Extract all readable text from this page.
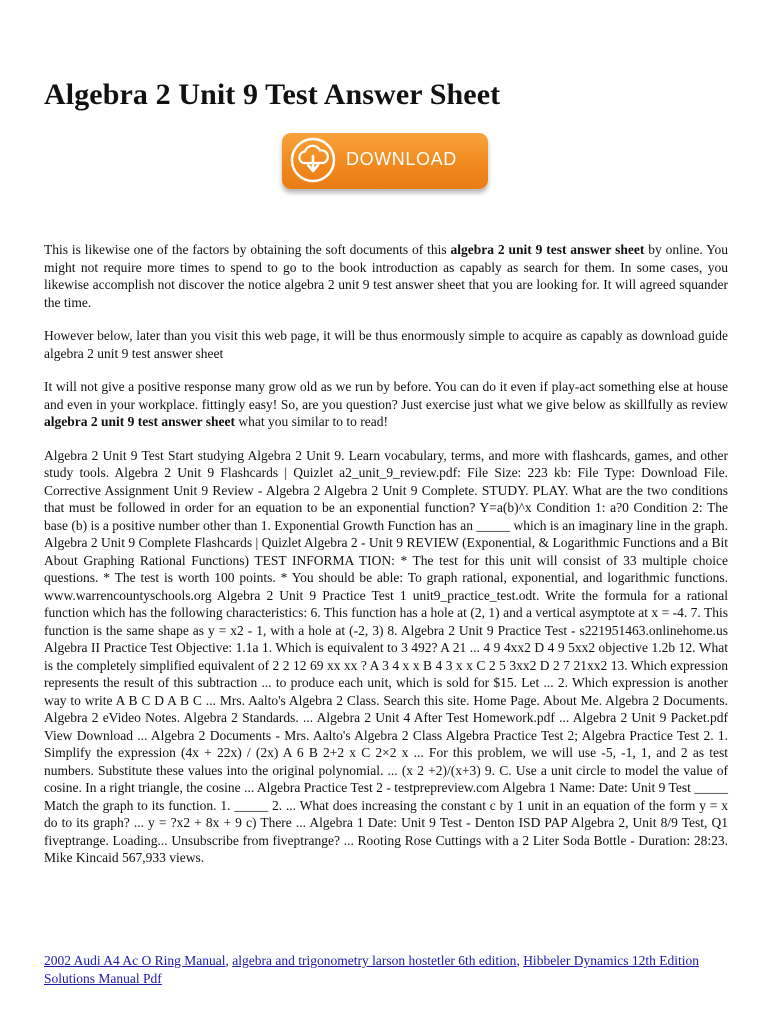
Algebra 2 Unit 9 Test Answer Sheet
DOWNLOAD

This is likewise one of the factors by obtaining the soft documents of this algebra 2 unit 9 test answer sheet by online. You might not require more times to spend to go to the book introduction as capably as search for them. In some cases, you likewise accomplish not discover the notice algebra 2 unit 9 test answer sheet that you are looking for. It will agreed squander the time.

However below, later than you visit this web page, it will be thus enormously simple to acquire as capably as download guide algebra 2 unit 9 test answer sheet

It will not give a positive response many grow old as we run by before. You can do it even if play-act something else at house and even in your workplace. fittingly easy! So, are you question? Just exercise just what we give below as skillfully as review algebra 2 unit 9 test answer sheet what you similar to to read!

Algebra 2 Unit 9 Test Start studying Algebra 2 Unit 9. Learn vocabulary, terms, and more with flashcards, games, and other study tools. Algebra 2 Unit 9 Flashcards | Quizlet a2_unit_9_review.pdf: File Size: 223 kb: File Type: Download File. Corrective Assignment Unit 9 Review - Algebra 2 Algebra 2 Unit 9 Complete. STUDY. PLAY. What are the two conditions that must be followed in order for an equation to be an exponential function? Y=a(b)^x Condition 1: a?0 Condition 2: The base (b) is a positive number other than 1. Exponential Growth Function has an _____ which is an imaginary line in the graph. Algebra 2 Unit 9 Complete Flashcards | Quizlet Algebra 2 - Unit 9 REVIEW (Exponential, & Logarithmic Functions and a Bit About Graphing Rational Functions) TEST INFORMA TION: * The test for this unit will consist of 33 multiple choice questions. * The test is worth 100 points. * You should be able: To graph rational, exponential, and logarithmic functions. www.warrencountyschools.org Algebra 2 Unit 9 Practice Test 1 unit9_practice_test.odt. Write the formula for a rational function which has the following characteristics: 6. This function has a hole at (2, 1) and a vertical asymptote at x = -4. 7. This function is the same shape as y = x2 - 1, with a hole at (-2, 3) 8. Algebra 2 Unit 9 Practice Test - s221951463.onlinehome.us Algebra II Practice Test Objective: 1.1a 1. Which is equivalent to 3 492? A 21 ... 4 9 4xx2 D 4 9 5xx2 objective 1.2b 12. What is the completely simplified equivalent of 2 2 12 69 xx xx ? A 3 4 x x B 4 3 x x C 2 5 3xx2 D 2 7 21xx2 13. Which expression represents the result of this subtraction ... to produce each unit, which is sold for $15. Let ... 2. Which expression is another way to write A B C D A B C ... Mrs. Aalto's Algebra 2 Class. Search this site. Home Page. About Me. Algebra 2 Documents. Algebra 2 eVideo Notes. Algebra 2 Standards. ... Algebra 2 Unit 4 After Test Homework.pdf ... Algebra 2 Unit 9 Packet.pdf View Download ... Algebra 2 Documents - Mrs. Aalto's Algebra 2 Class Algebra Practice Test 2; Algebra Practice Test 2. 1. Simplify the expression (4x + 22x) / (2x) A 6 B 2+2 x C 2×2 x ... For this problem, we will use -5, -1, 1, and 2 as test numbers. Substitute these values into the original polynomial. ... (x 2 +2)/(x+3) 9. C. Use a unit circle to model the value of cosine. In a right triangle, the cosine ... Algebra Practice Test 2 - testprepreview.com Algebra 1 Name: Date: Unit 9 Test _____ Match the graph to its function. 1. _____ 2. ... What does increasing the constant c by 1 unit in an equation of the form y = x do to its graph? ... y = ?x2 + 8x + 9 c) There ... Algebra 1 Date: Unit 9 Test - Denton ISD PAP Algebra 2, Unit 8/9 Test, Q1 fiveptrange. Loading... Unsubscribe from fiveptrange? ... Rooting Rose Cuttings with a 2 Liter Soda Bottle - Duration: 28:23. Mike Kincaid 567,933 views.

2002 Audi A4 Ac O Ring Manual, algebra and trigonometry larson hostetler 6th edition, Hibbeler Dynamics 12th Edition Solutions Manual Pdf
